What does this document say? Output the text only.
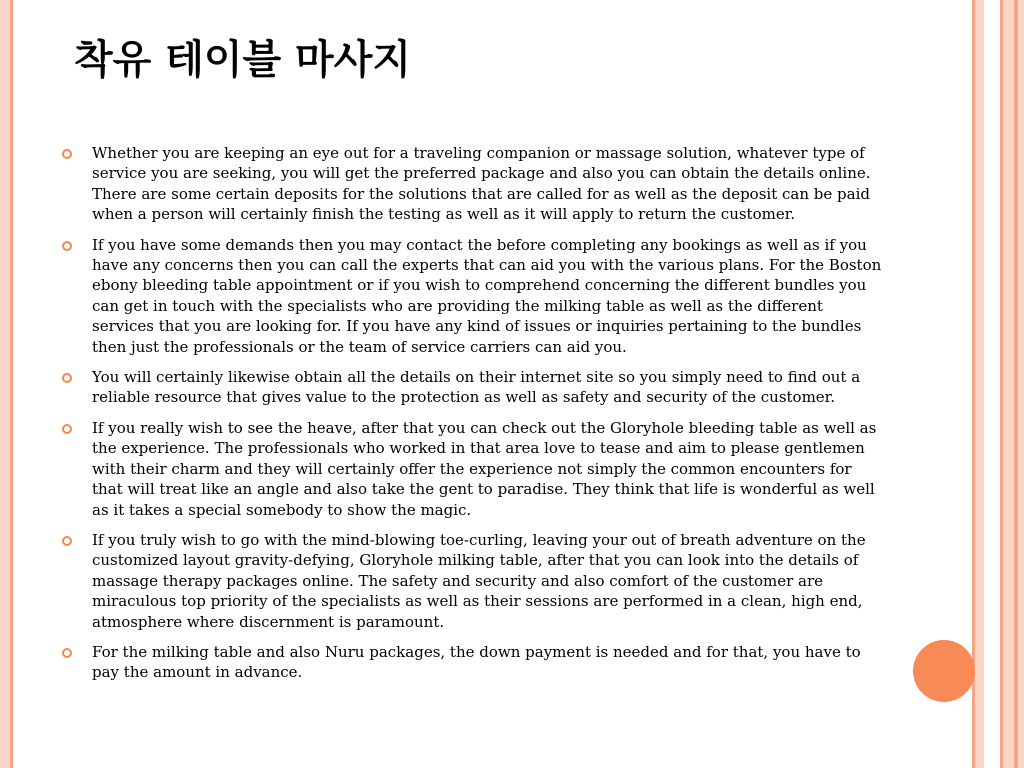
착유 테이블 마사지
Whether you are keeping an eye out for a traveling companion or massage solution, whatever type of service you are seeking, you will get the preferred package and also you can obtain the details online. There are some certain deposits for the solutions that are called for as well as the deposit can be paid when a person will certainly finish the testing as well as it will apply to return the customer.
If you have some demands then you may contact the before completing any bookings as well as if you have any concerns then you can call the experts that can aid you with the various plans. For the Boston ebony bleeding table appointment or if you wish to comprehend concerning the different bundles you can get in touch with the specialists who are providing the milking table as well as the different services that you are looking for. If you have any kind of issues or inquiries pertaining to the bundles then just the professionals or the team of service carriers can aid you.
You will certainly likewise obtain all the details on their internet site so you simply need to find out a reliable resource that gives value to the protection as well as safety and security of the customer.
If you really wish to see the heave, after that you can check out the Gloryhole bleeding table as well as the experience. The professionals who worked in that area love to tease and aim to please gentlemen with their charm and they will certainly offer the experience not simply the common encounters for that will treat like an angle and also take the gent to paradise. They think that life is wonderful as well as it takes a special somebody to show the magic.
If you truly wish to go with the mind-blowing toe-curling, leaving your out of breath adventure on the customized layout gravity-defying, Gloryhole milking table, after that you can look into the details of massage therapy packages online. The safety and security and also comfort of the customer are miraculous top priority of the specialists as well as their sessions are performed in a clean, high end, atmosphere where discernment is paramount.
For the milking table and also Nuru packages, the down payment is needed and for that, you have to pay the amount in advance.
